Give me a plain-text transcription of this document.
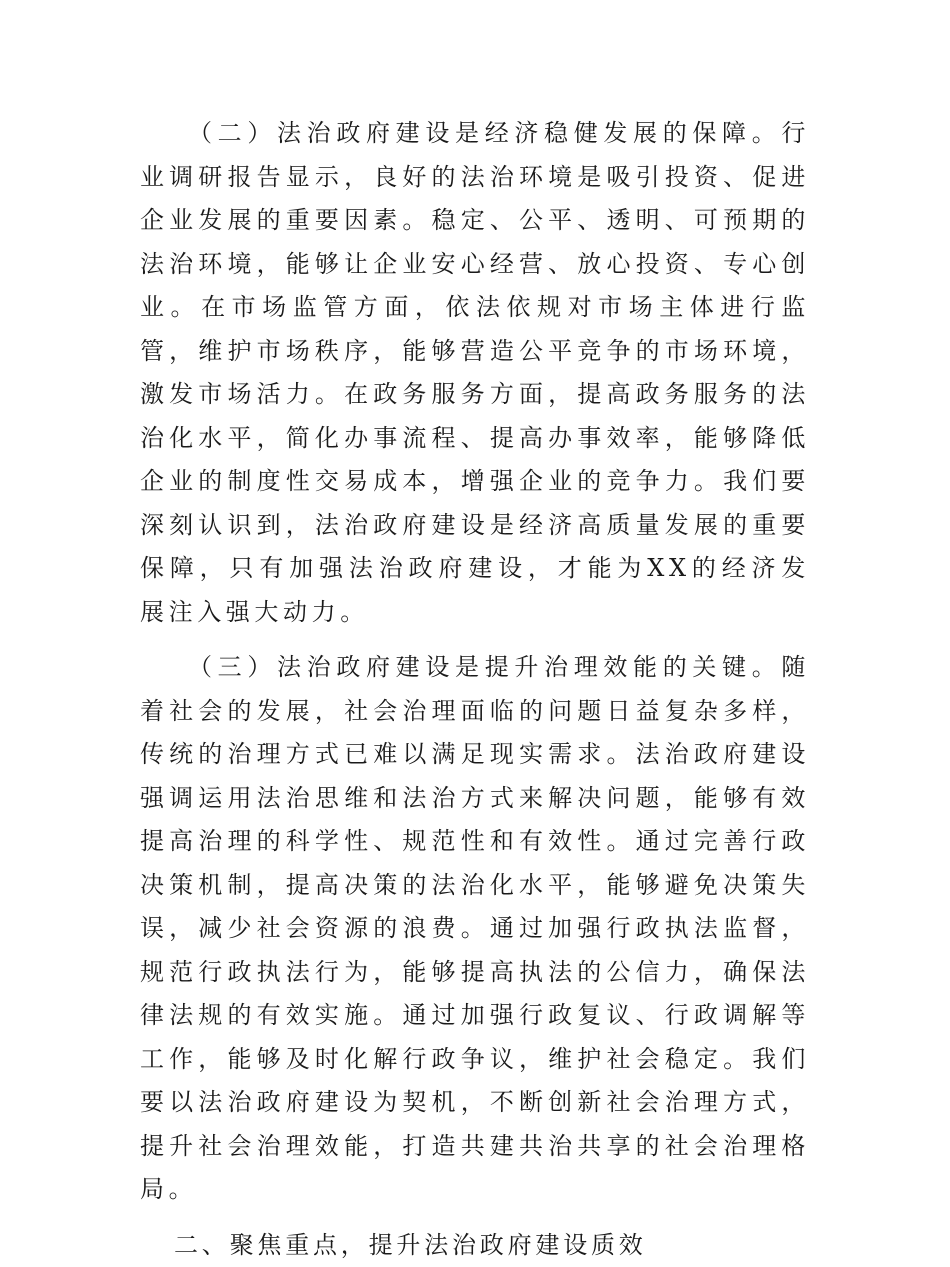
（二）法治政府建设是经济稳健发展的保障。行业调研报告显示，良好的法治环境是吸引投资、促进企业发展的重要因素。稳定、公平、透明、可预期的法治环境，能够让企业安心经营、放心投资、专心创业。在市场监管方面，依法依规对市场主体进行监管，维护市场秩序，能够营造公平竞争的市场环境，激发市场活力。在政务服务方面，提高政务服务的法治化水平，简化办事流程、提高办事效率，能够降低企业的制度性交易成本，增强企业的竞争力。我们要深刻认识到，法治政府建设是经济高质量发展的重要保障，只有加强法治政府建设，才能为XX的经济发展注入强大动力。

（三）法治政府建设是提升治理效能的关键。随着社会的发展，社会治理面临的问题日益复杂多样，传统的治理方式已难以满足现实需求。法治政府建设强调运用法治思维和法治方式来解决问题，能够有效提高治理的科学性、规范性和有效性。通过完善行政决策机制，提高决策的法治化水平，能够避免决策失误，减少社会资源的浪费。通过加强行政执法监督，规范行政执法行为，能够提高执法的公信力，确保法律法规的有效实施。通过加强行政复议、行政调解等工作，能够及时化解行政争议，维护社会稳定。我们要以法治政府建设为契机，不断创新社会治理方式，提升社会治理效能，打造共建共治共享的社会治理格局。

二、聚焦重点，提升法治政府建设质效
